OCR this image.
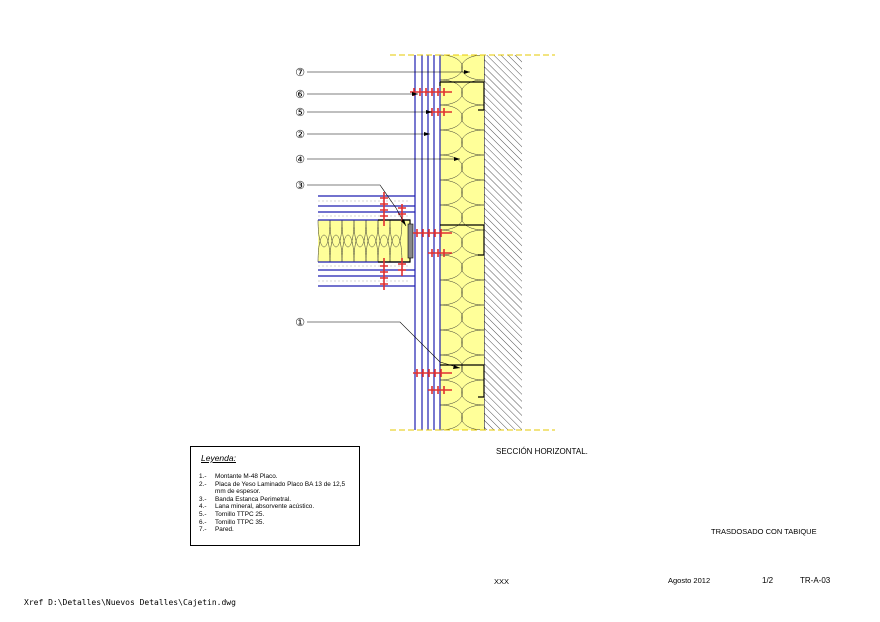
⑦
⑥
⑤
②
④
③
①
SECCIÓN HORIZONTAL.
Leyenda:
1.-	Montante M-48 Placo.
2.-	Placa de Yeso Laminado Placo BA 13 de 12,5 mm de espesor.
3.-	Banda Estanca Perimetral.
4.-	Lana mineral, absorvente acústico.
5.-	Tornillo TTPC 25.
6.-	Tornillo TTPC 35.
7.-	Pared.	TRASDOSADO CON TABIQUE
XXX	Agosto 2012	1/2	TR-A-03
Xref D:\Detalles\Nuevos Detalles\Cajetin.dwg
